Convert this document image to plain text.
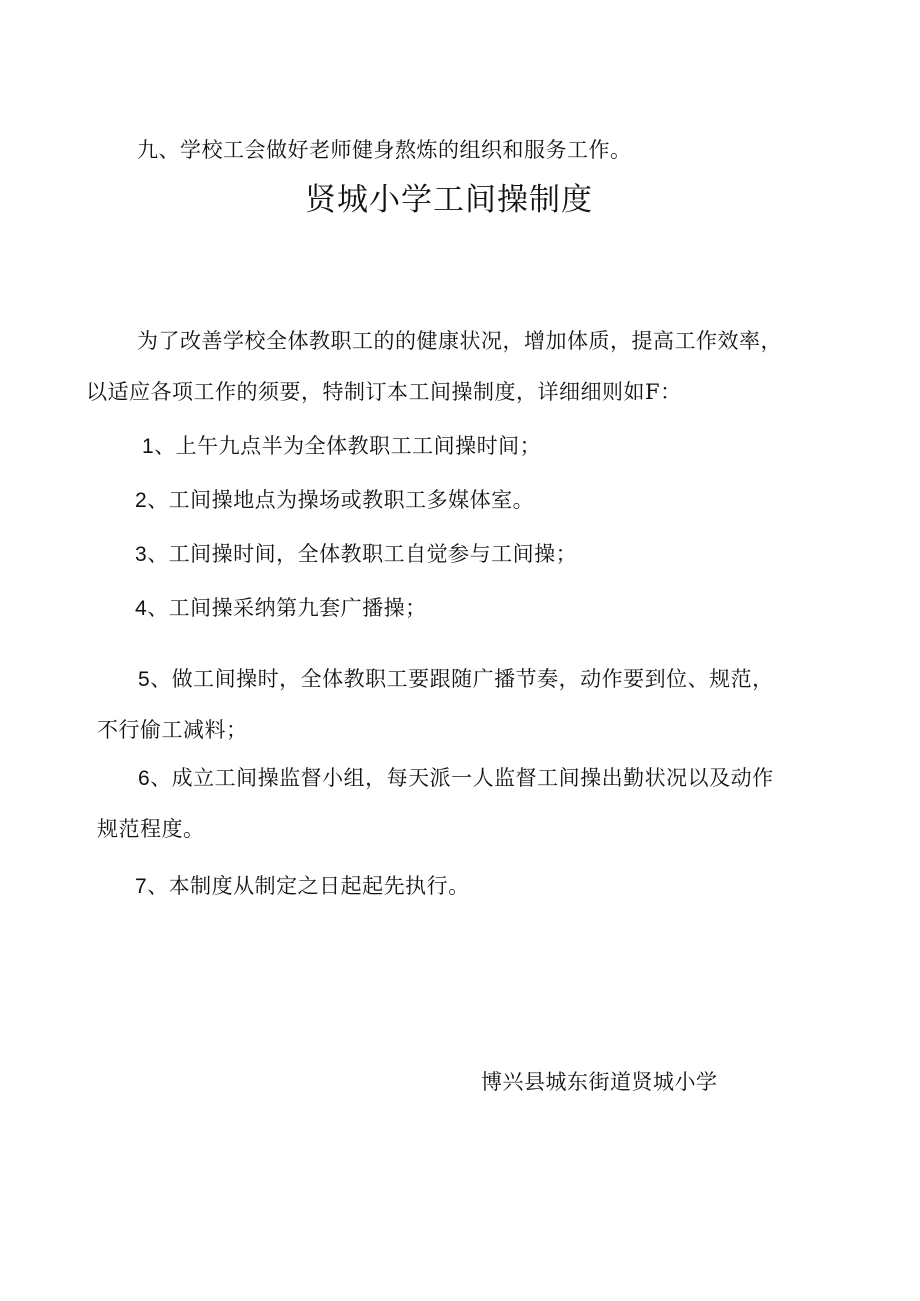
九、学校工会做好老师健身熬炼的组织和服务工作。
贤城小学工间操制度
为了改善学校全体教职工的的健康状况，增加体质，提高工作效率，
以适应各项工作的须要，特制订本工间操制度，详细细则如F：
1、上午九点半为全体教职工工间操时间；
2、工间操地点为操场或教职工多媒体室。
3、工间操时间，全体教职工自觉参与工间操；
4、工间操采纳第九套广播操；
5、做工间操时，全体教职工要跟随广播节奏，动作要到位、规范，
不行偷工减料；
6、成立工间操监督小组，每天派一人监督工间操出勤状况以及动作
规范程度。
7、本制度从制定之日起起先执行。
博兴县城东街道贤城小学
